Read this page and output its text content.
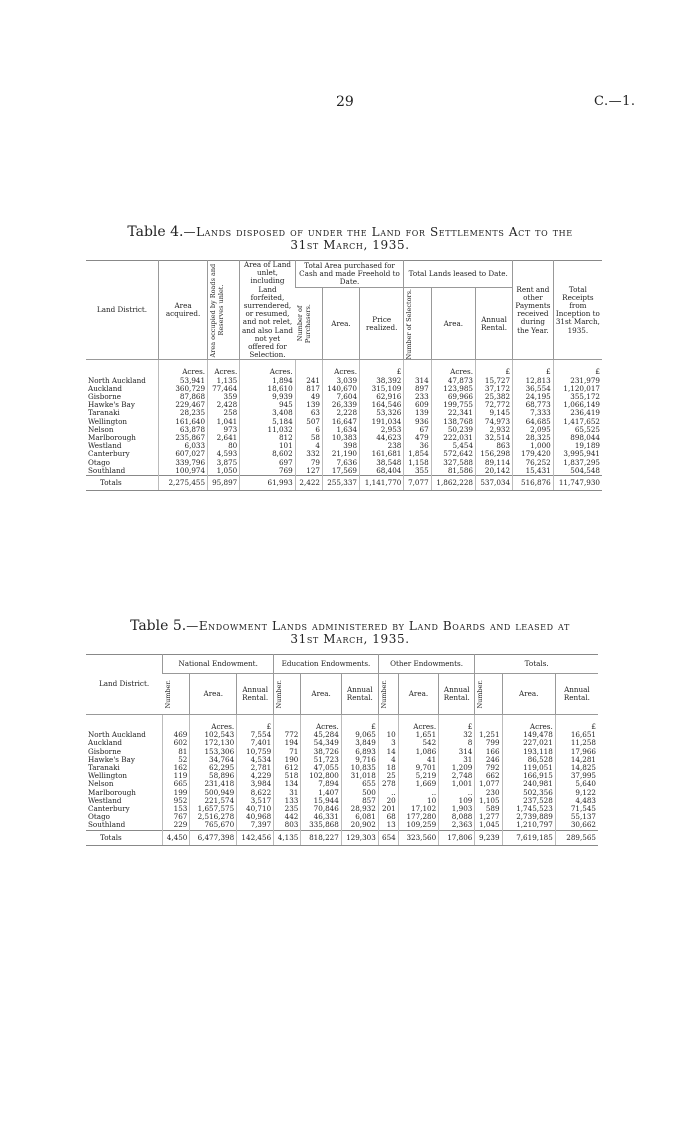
29	C.—1.
Table 4.—Lands disposed of under the Land for Settlements Act to the
31st March, 1935.
Land District.	Area acquired.	Area occupied by Roads and Reserves unlet.	Area of Land unlet, including Land forfeited, surrendered, or resumed, and not relet, and also Land not yet offered for Selection.	Total Area purchased for Cash and made Freehold to Date.			Total Lands leased to Date.			Rent and other Payments received during the Year.	Total Receipts from Inception to 31st March, 1935.

				Number of Purchasers.	Area.	Price realized.	Number of Selectors.	Area.	Annual Rental.		
	Acres.	Acres.	Acres.		Acres.	£		Acres.	£	£	£
North Auckland	53,941	1,135	1,894	241	3,039	38,392	314	47,873	15,727	12,813	231,979
Auckland	360,729	77,464	18,610	817	140,670	315,109	897	123,985	37,172	36,554	1,120,017
Gisborne	87,868	359	9,939	49	7,604	62,916	233	69,966	25,382	24,195	355,172
Hawke's Bay	229,467	2,428	945	139	26,339	164,546	609	199,755	72,772	68,773	1,066,149
Taranaki	28,235	258	3,408	63	2,228	53,326	139	22,341	9,145	7,333	236,419
Wellington	161,640	1,041	5,184	507	16,647	191,034	936	138,768	74,973	64,685	1,417,652
Nelson	63,878	973	11,032	6	1,634	2,953	67	50,239	2,932	2,095	65,525
Marlborough	235,867	2,641	812	58	10,383	44,623	479	222,031	32,514	28,325	898,044
Westland	6,033	80	101	4	398	238	36	5,454	863	1,000	19,189
Canterbury	607,027	4,593	8,602	332	21,190	161,681	1,854	572,642	156,298	179,420	3,995,941
Otago	339,796	3,875	697	79	7,636	38,548	1,158	327,588	89,114	76,252	1,837,295
Southland	100,974	1,050	769	127	17,569	68,404	355	81,586	20,142	15,431	504,548
Totals	2,275,455	95,897	61,993	2,422	255,337	1,141,770	7,077	1,862,228	537,034	516,876	11,747,930
Table 5.—Endowment Lands administered by Land Boards and leased at
31st March, 1935.
Land District.	National Endowment.			Education Endowments.			Other Endowments.			Totals.		

	Number.	Area.	Annual Rental.	Number.	Area.	Annual Rental.	Number.	Area.	Annual Rental.	Number.	Area.	Annual Rental.
		Acres.	£		Acres.	£		Acres.	£		Acres.	£
North Auckland	469	102,543	7,554	772	45,284	9,065	10	1,651	32	1,251	149,478	16,651
Auckland	602	172,130	7,401	194	54,349	3,849	3	542	8	799	227,021	11,258
Gisborne	81	153,306	10,759	71	38,726	6,893	14	1,086	314	166	193,118	17,966
Hawke's Bay	52	34,764	4,534	190	51,723	9,716	4	41	31	246	86,528	14,281
Taranaki	162	62,295	2,781	612	47,055	10,835	18	9,701	1,209	792	119,051	14,825
Wellington	119	58,896	4,229	518	102,800	31,018	25	5,219	2,748	662	166,915	37,995
Nelson	665	231,418	3,984	134	7,894	655	278	1,669	1,001	1,077	240,981	5,640
Marlborough	199	500,949	8,622	31	1,407	500	..	..	..	230	502,356	9,122
Westland	952	221,574	3,517	133	15,944	857	20	10	109	1,105	237,528	4,483
Canterbury	153	1,657,575	40,710	235	70,846	28,932	201	17,102	1,903	589	1,745,523	71,545
Otago	767	2,516,278	40,968	442	46,331	6,081	68	177,280	8,088	1,277	2,739,889	55,137
Southland	229	765,670	7,397	803	335,868	20,902	13	109,259	2,363	1,045	1,210,797	30,662
Totals	4,450	6,477,398	142,456	4,135	818,227	129,303	654	323,560	17,806	9,239	7,619,185	289,565
